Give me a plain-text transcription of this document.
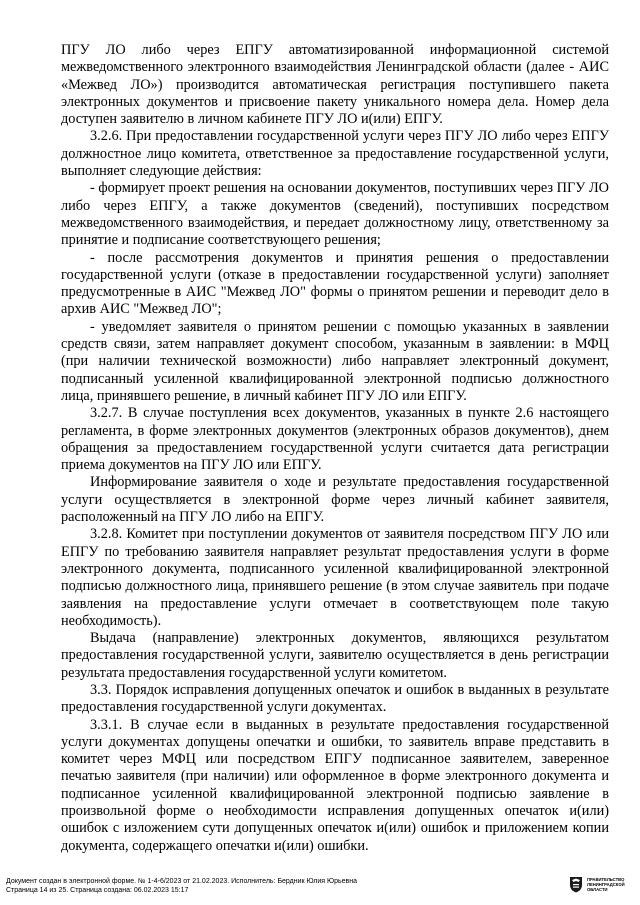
ПГУ ЛО либо через ЕПГУ автоматизированной информационной системой межведомственного электронного взаимодействия Ленинградской области (далее - АИС «Межвед ЛО») производится автоматическая регистрация поступившего пакета электронных документов и присвоение пакету уникального номера дела. Номер дела доступен заявителю в личном кабинете ПГУ ЛО и(или) ЕПГУ.

3.2.6. При предоставлении государственной услуги через ПГУ ЛО либо через ЕПГУ должностное лицо комитета, ответственное за предоставление государственной услуги, выполняет следующие действия:

- формирует проект решения на основании документов, поступивших через ПГУ ЛО либо через ЕПГУ, а также документов (сведений), поступивших посредством межведомственного взаимодействия, и передает должностному лицу, ответственному за принятие и подписание соответствующего решения;

- после рассмотрения документов и принятия решения о предоставлении государственной услуги (отказе в предоставлении государственной услуги) заполняет предусмотренные в АИС "Межвед ЛО" формы о принятом решении и переводит дело в архив АИС "Межвед ЛО";

- уведомляет заявителя о принятом решении с помощью указанных в заявлении средств связи, затем направляет документ способом, указанным в заявлении: в МФЦ (при наличии технической возможности) либо направляет электронный документ, подписанный усиленной квалифицированной электронной подписью должностного лица, принявшего решение, в личный кабинет ПГУ ЛО или ЕПГУ.

3.2.7. В случае поступления всех документов, указанных в пункте 2.6 настоящего регламента, в форме электронных документов (электронных образов документов), днем обращения за предоставлением государственной услуги считается дата регистрации приема документов на ПГУ ЛО или ЕПГУ.

Информирование заявителя о ходе и результате предоставления государственной услуги осуществляется в электронной форме через личный кабинет заявителя, расположенный на ПГУ ЛО либо на ЕПГУ.

3.2.8. Комитет при поступлении документов от заявителя посредством ПГУ ЛО или ЕПГУ по требованию заявителя направляет результат предоставления услуги в форме электронного документа, подписанного усиленной квалифицированной электронной подписью должностного лица, принявшего решение (в этом случае заявитель при подаче заявления на предоставление услуги отмечает в соответствующем поле такую необходимость).

Выдача (направление) электронных документов, являющихся результатом предоставления государственной услуги, заявителю осуществляется в день регистрации результата предоставления государственной услуги комитетом.

3.3. Порядок исправления допущенных опечаток и ошибок в выданных в результате предоставления государственной услуги документах.

3.3.1. В случае если в выданных в результате предоставления государственной услуги документах допущены опечатки и ошибки, то заявитель вправе представить в комитет через МФЦ или посредством ЕПГУ подписанное заявителем, заверенное печатью заявителя (при наличии) или оформленное в форме электронного документа и подписанное усиленной квалифицированной электронной подписью заявление в произвольной форме о необходимости исправления допущенных опечаток и(или) ошибок с изложением сути допущенных опечаток и(или) ошибок и приложением копии документа, содержащего опечатки и(или) ошибки.

Документ создан в электронной форме. № 1-4-6/2023 от 21.02.2023. Исполнитель: Бердник Юлия Юрьевна
Страница 14 из 25. Страница создана: 06.02.2023 15:17
ПРАВИТЕЛЬСТВО ЛЕНИНГРАДСКОЙ ОБЛАСТИ
